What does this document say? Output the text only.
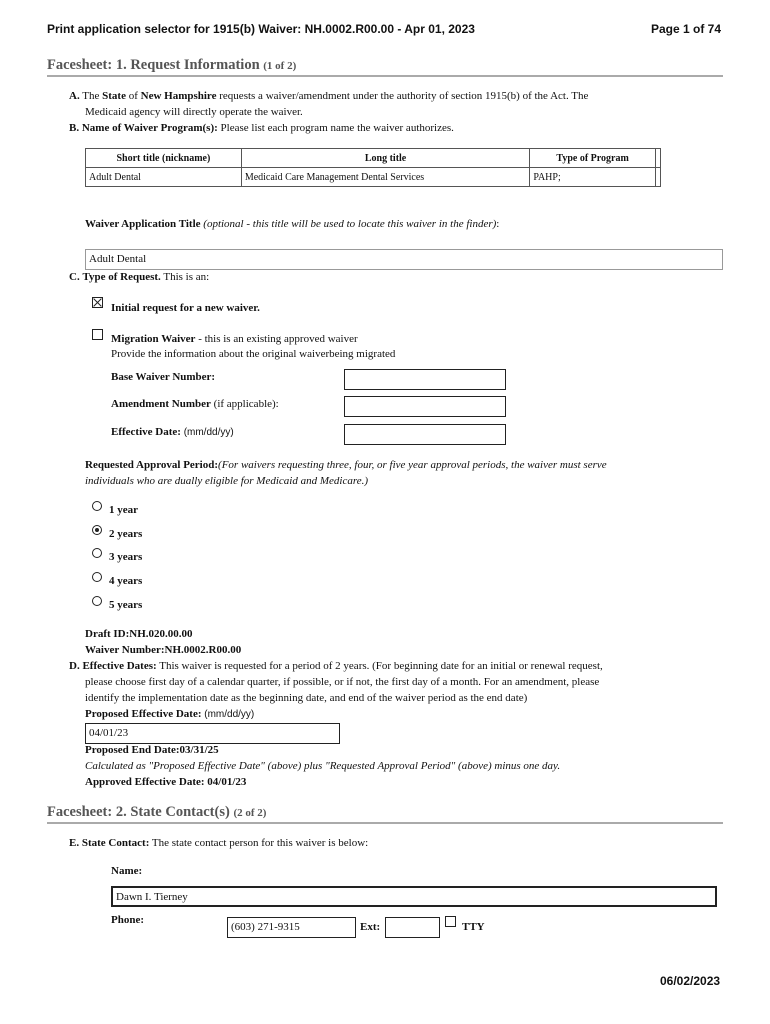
Print application selector for 1915(b) Waiver: NH.0002.R00.00 - Apr 01, 2023	Page 1 of 74
Facesheet: 1. Request Information (1 of 2)
A. The State of New Hampshire requests a waiver/amendment under the authority of section 1915(b) of the Act. The
Medicaid agency will directly operate the waiver.
B. Name of Waiver Program(s): Please list each program name the waiver authorizes.
Short title (nickname)	Long title	Type of Program	
Adult Dental	Medicaid Care Management Dental Services	PAHP;	
Waiver Application Title (optional - this title will be used to locate this waiver in the finder):
Adult Dental
C. Type of Request. This is an:
Initial request for a new waiver.
Migration Waiver - this is an existing approved waiver
Provide the information about the original waiverbeing migrated
Base Waiver Number:
Amendment Number (if applicable):
Effective Date: (mm/dd/yy)
Requested Approval Period:(For waivers requesting three, four, or five year approval periods, the waiver must serve
individuals who are dually eligible for Medicaid and Medicare.)
1 year
2 years
3 years
4 years
5 years
Draft ID:NH.020.00.00
Waiver Number:NH.0002.R00.00
D. Effective Dates: This waiver is requested for a period of 2 years. (For beginning date for an initial or renewal request,
please choose first day of a calendar quarter, if possible, or if not, the first day of a month. For an amendment, please
identify the implementation date as the beginning date, and end of the waiver period as the end date)
Proposed Effective Date: (mm/dd/yy)
04/01/23
Proposed End Date:03/31/25
Calculated as "Proposed Effective Date" (above) plus "Requested Approval Period" (above) minus one day.
Approved Effective Date: 04/01/23
Facesheet: 2. State Contact(s) (2 of 2)
E. State Contact: The state contact person for this waiver is below:
Name:
Dawn I. Tierney
Phone:
(603) 271-9315	Ext:	TTY
06/02/2023
